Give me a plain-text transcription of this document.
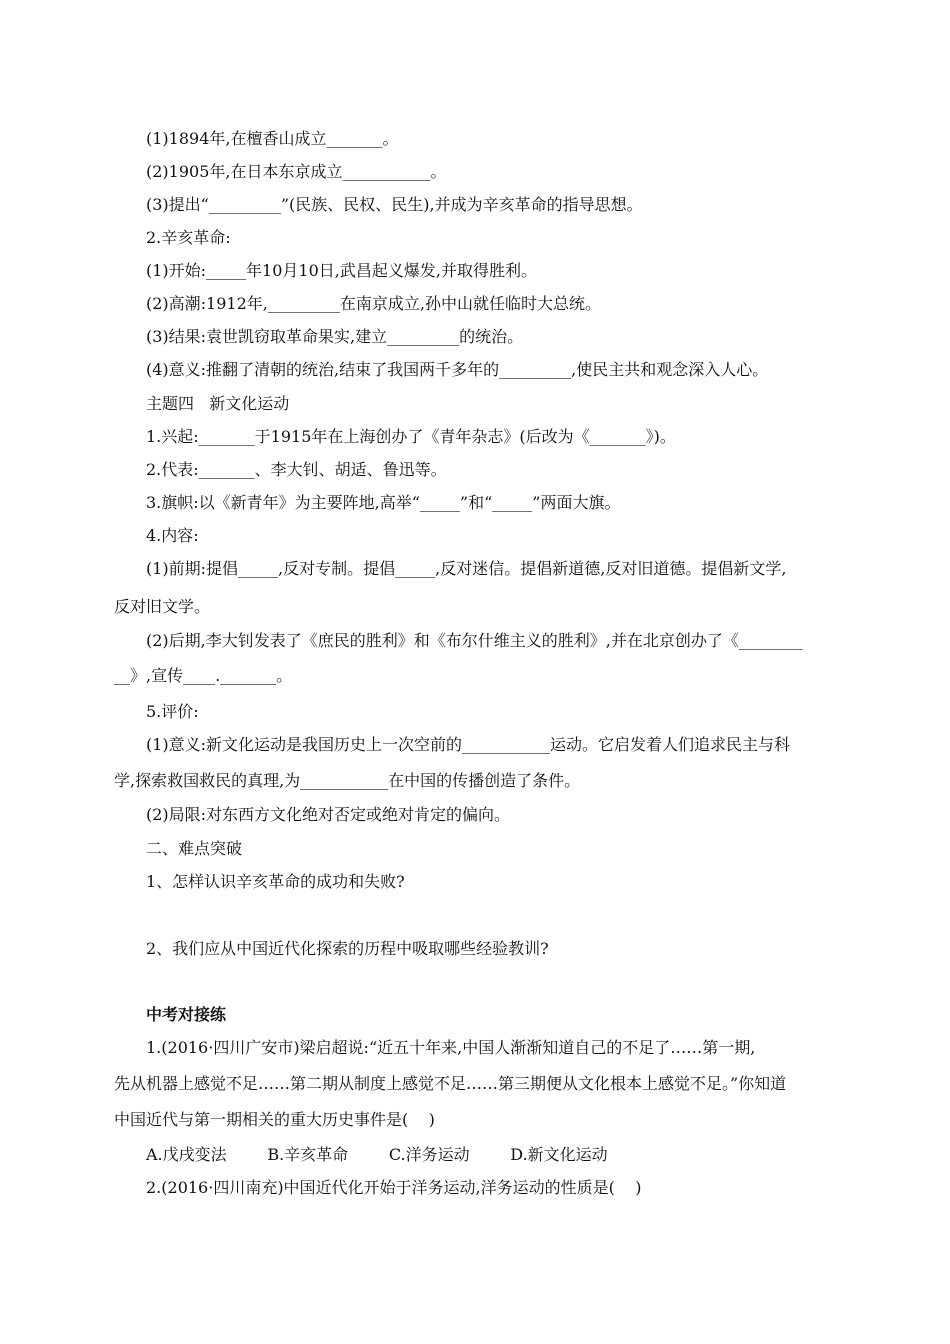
(1)1894年,在檀香山成立_______。
(2)1905年,在日本东京成立___________。
(3)提出“_________”(民族、民权、民生),并成为辛亥革命的指导思想。
2.辛亥革命:
(1)开始:_____年10月10日,武昌起义爆发,并取得胜利。
(2)高潮:1912年,_________在南京成立,孙中山就任临时大总统。
(3)结果:袁世凯窃取革命果实,建立_________的统治。
(4)意义:推翻了清朝的统治,结束了我国两千多年的_________,使民主共和观念深入人心。
主题四   新文化运动
1.兴起:_______于1915年在上海创办了《青年杂志》(后改为《_______》)。
2.代表:_______、李大钊、胡适、鲁迅等。
3.旗帜:以《新青年》为主要阵地,高举“_____”和“_____”两面大旗。
4.内容:
(1)前期:提倡_____,反对专制。提倡_____,反对迷信。提倡新道德,反对旧道德。提倡新文学,
反对旧文学。
(2)后期,李大钊发表了《庶民的胜利》和《布尔什维主义的胜利》,并在北京创办了《________
__》,宣传____._______。
5.评价:
(1)意义:新文化运动是我国历史上一次空前的___________运动。它启发着人们追求民主与科
学,探索救国救民的真理,为___________在中国的传播创造了条件。
(2)局限:对东西方文化绝对否定或绝对肯定的偏向。
二、难点突破
1、怎样认识辛亥革命的成功和失败?
2、我们应从中国近代化探索的历程中吸取哪些经验教训?
中考对接练
1.(2016·四川广安市)梁启超说:“近五十年来,中国人渐渐知道自己的不足了……第一期,
先从机器上感觉不足……第二期从制度上感觉不足……第三期便从文化根本上感觉不足。”你知道
中国近代与第一期相关的重大历史事件是(    )
A.戊戌变法        B.辛亥革命        C.洋务运动        D.新文化运动
2.(2016·四川南充)中国近代化开始于洋务运动,洋务运动的性质是(    )
